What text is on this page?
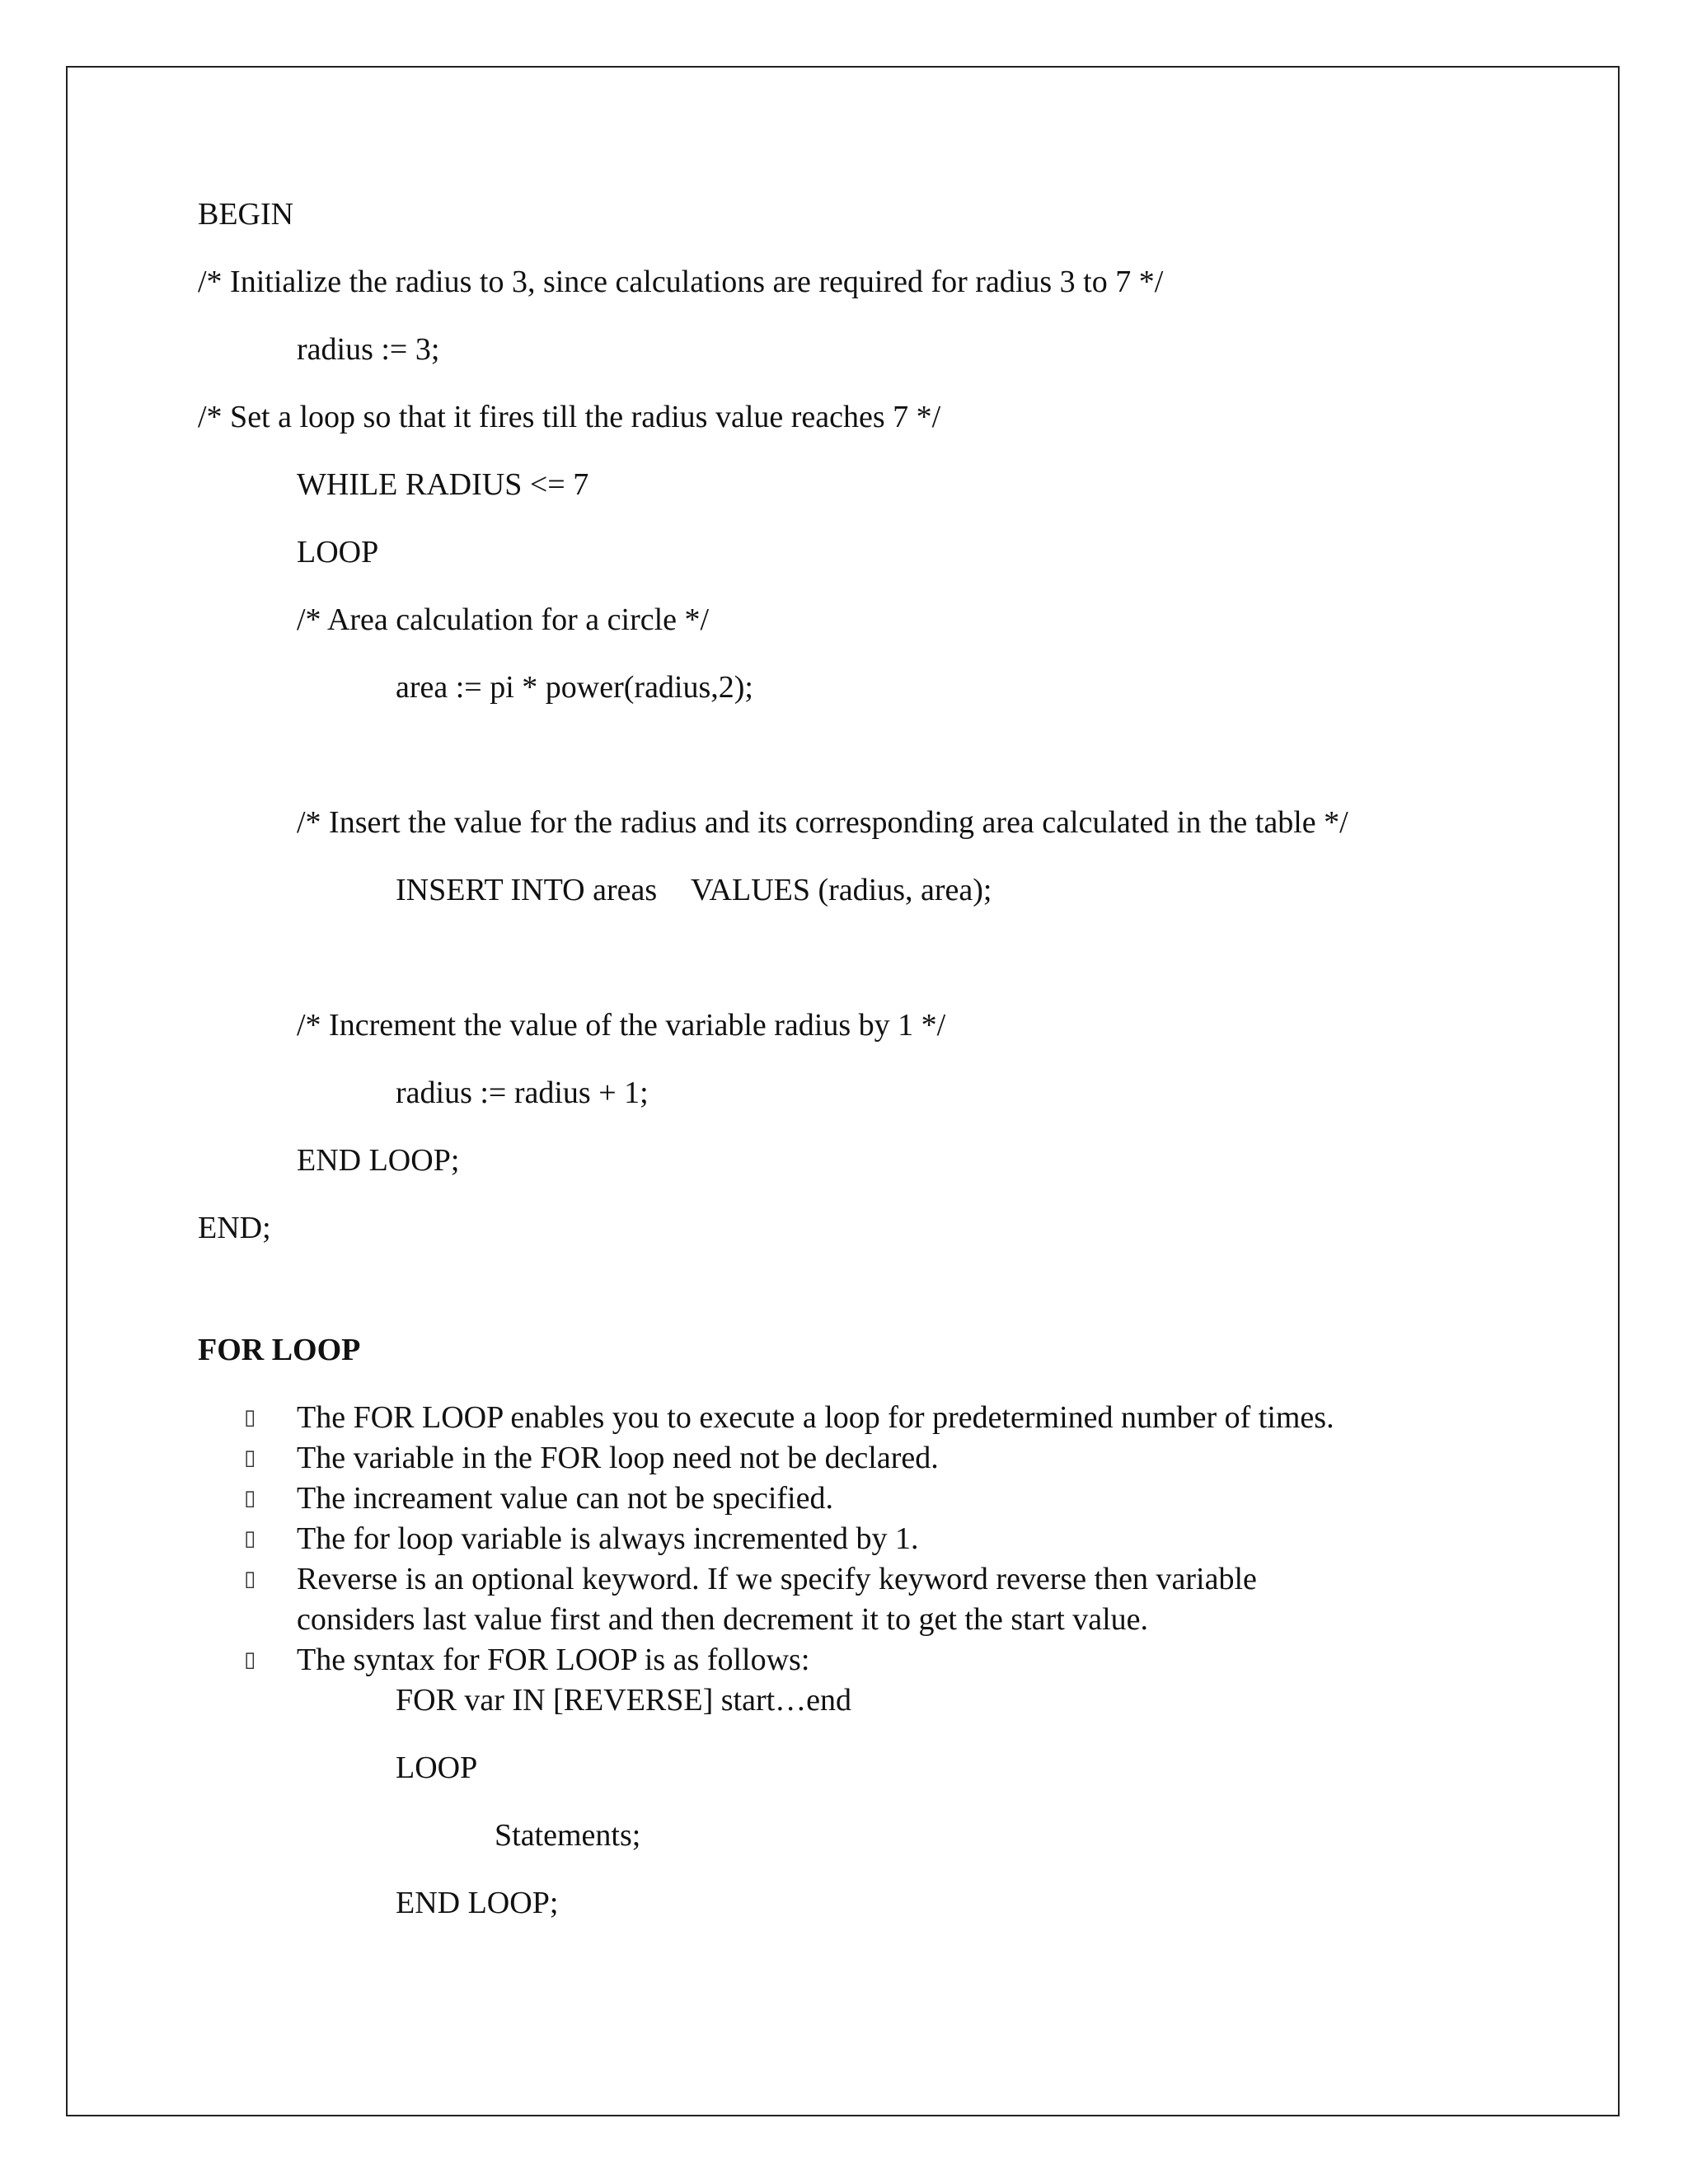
BEGIN
/* Initialize the radius to 3, since calculations are required for radius 3 to 7 */
radius := 3;
/* Set a loop so that it fires till the radius value reaches 7 */
WHILE RADIUS <= 7
LOOP
/* Area calculation for a circle */
area := pi * power(radius,2);
/* Insert the value for the radius and its corresponding area calculated in the table */
INSERT INTO areas VALUES (radius, area);
/* Increment the value of the variable radius by 1 */
radius := radius + 1;
END LOOP;
END;
FOR LOOP
▯ The FOR LOOP enables you to execute a loop for predetermined number of times.
▯ The variable in the FOR loop need not be declared.
▯ The increament value can not be specified.
▯ The for loop variable is always incremented by 1.
▯ Reverse is an optional keyword. If we specify keyword reverse then variable
considers last value first and then decrement it to get the start value.
▯ The syntax for FOR LOOP is as follows:
FOR var IN [REVERSE] start…end
LOOP
Statements;
END LOOP;
